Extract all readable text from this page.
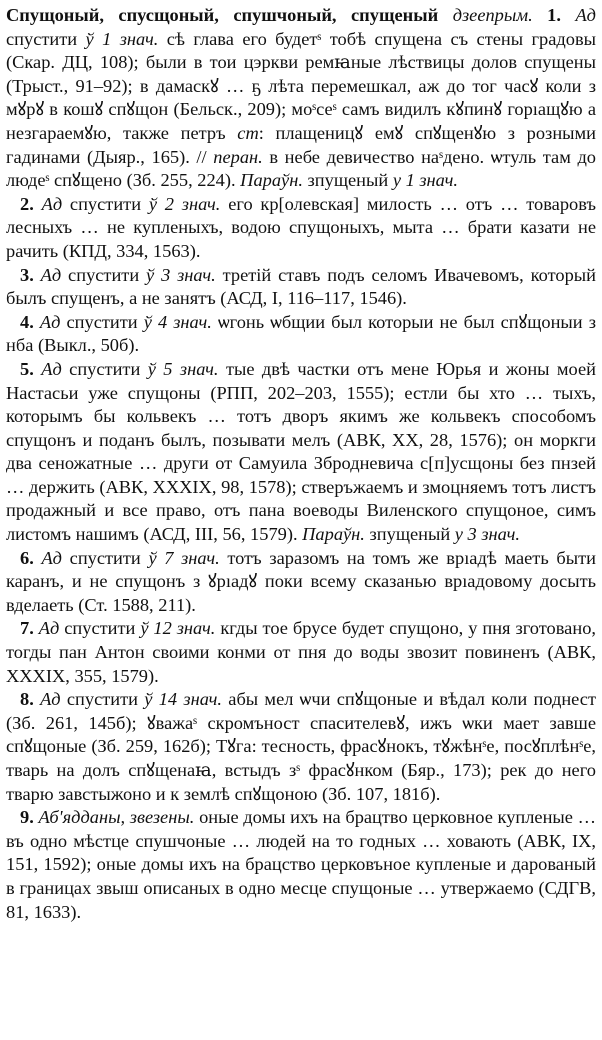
Спущоный, спусщоный, спушчоный, спущеный дзеепрым. 1. Ад спустити ў 1 знач. сѣ глава его будетˢ тобѣ спущена съ стены градовы (Скар. ДЦ, 108); были в тои цэркви ремꙗные лѣствицы долов спущены (Трыст., 91–92); в дамаскꙋ … ҕ лѣта перемешкал, аж до тог часꙋ коли з мꙋрꙋ в кошꙋ спꙋщон (Бельск., 209); моˢсеˢ самъ видилъ кꙋпинꙋ горıащꙋю а незгараемꙋю, также петръ ст: плащеницꙋ емꙋ спꙋщенꙋю з розными гадинами (Дыяр., 165). // перан. в небе девичество наˢдено. ѡтуль там до людеˢ спꙋщено (Зб. 255, 224). Параўн. зпущеный у 1 знач.

2. Ад спустити ў 2 знач. его кр[олевская] милость … отъ … товаровъ лесныхъ … не купленыхъ, водою спущоныхъ, мыта … брати казати не рачить (КПД, 334, 1563).

3. Ад спустити ў 3 знач. третій ставъ подъ селомъ Ивачевомъ, который былъ спущенъ, а не занятъ (АСД, I, 116–117, 1546).

4. Ад спустити ў 4 знач. ѡгонь ѡбщии был которыи не был спꙋщоныи з нба (Выкл., 50б).

5. Ад спустити ў 5 знач. тые двѣ частки отъ мене Юрья и жоны моей Настасьи уже спущоны (РПП, 202–203, 1555); естли бы хто … тыхъ, которымъ бы кольвекъ … тотъ дворъ якимъ же кольвекъ способомъ спущонъ и поданъ былъ, позывати мелъ (АВК, XX, 28, 1576); он моркги два сеножатные … други от Самуила Збродневича с[п]усщоны без пнзей … держить (АВК, XXXIX, 98, 1578); стверъжаемъ и змоцняемъ тотъ листъ продажный и все право, отъ пана воеводы Виленского спущоное, симъ листомъ нашимъ (АСД, III, 56, 1579). Параўн. зпущеный у 3 знач.

6. Ад спустити ў 7 знач. тотъ заразомъ на томъ же врıадѣ маеть быти каранъ, и не спущонъ з ꙋрıадꙋ поки всему сказанью врıадовому досыть вделаеть (Ст. 1588, 211).

7. Ад спустити ў 12 знач. кгды тое брусе будет спущоно, у пня зготовано, тогды пан Антон своими конми от пня до воды звозит повиненъ (АВК, XXXIX, 355, 1579).

8. Ад спустити ў 14 знач. абы мел ѡчи спꙋщоные и вѣдал коли поднест (Зб. 261, 145б); ꙋважаˢ скромъност спасителевꙋ, ижъ ѡки мает завше спꙋщоные (Зб. 259, 162б); Тꙋга: тесность, фрасꙋнокъ, тꙋжѣнˢе, посꙋплѣнˢе, тварь на долъ спꙋщенаꙗ, встыдъ зˢ фрасꙋнком (Бяр., 173); рек до него тварю завстыжоно и к землѣ спꙋщоною (Зб. 107, 181б).

9. Аб'ядданы, звезены. оные домы ихъ на брацтво церковное купленые … въ одно мѣстце спушчоные … людей на то годных … ховають (АВК, IX, 151, 1592); оные домы ихъ на брацство церковъное купленые и дарованый в границах звыш описаных в одно месце спущоные … утвержаемо (СДГВ, 81, 1633).
